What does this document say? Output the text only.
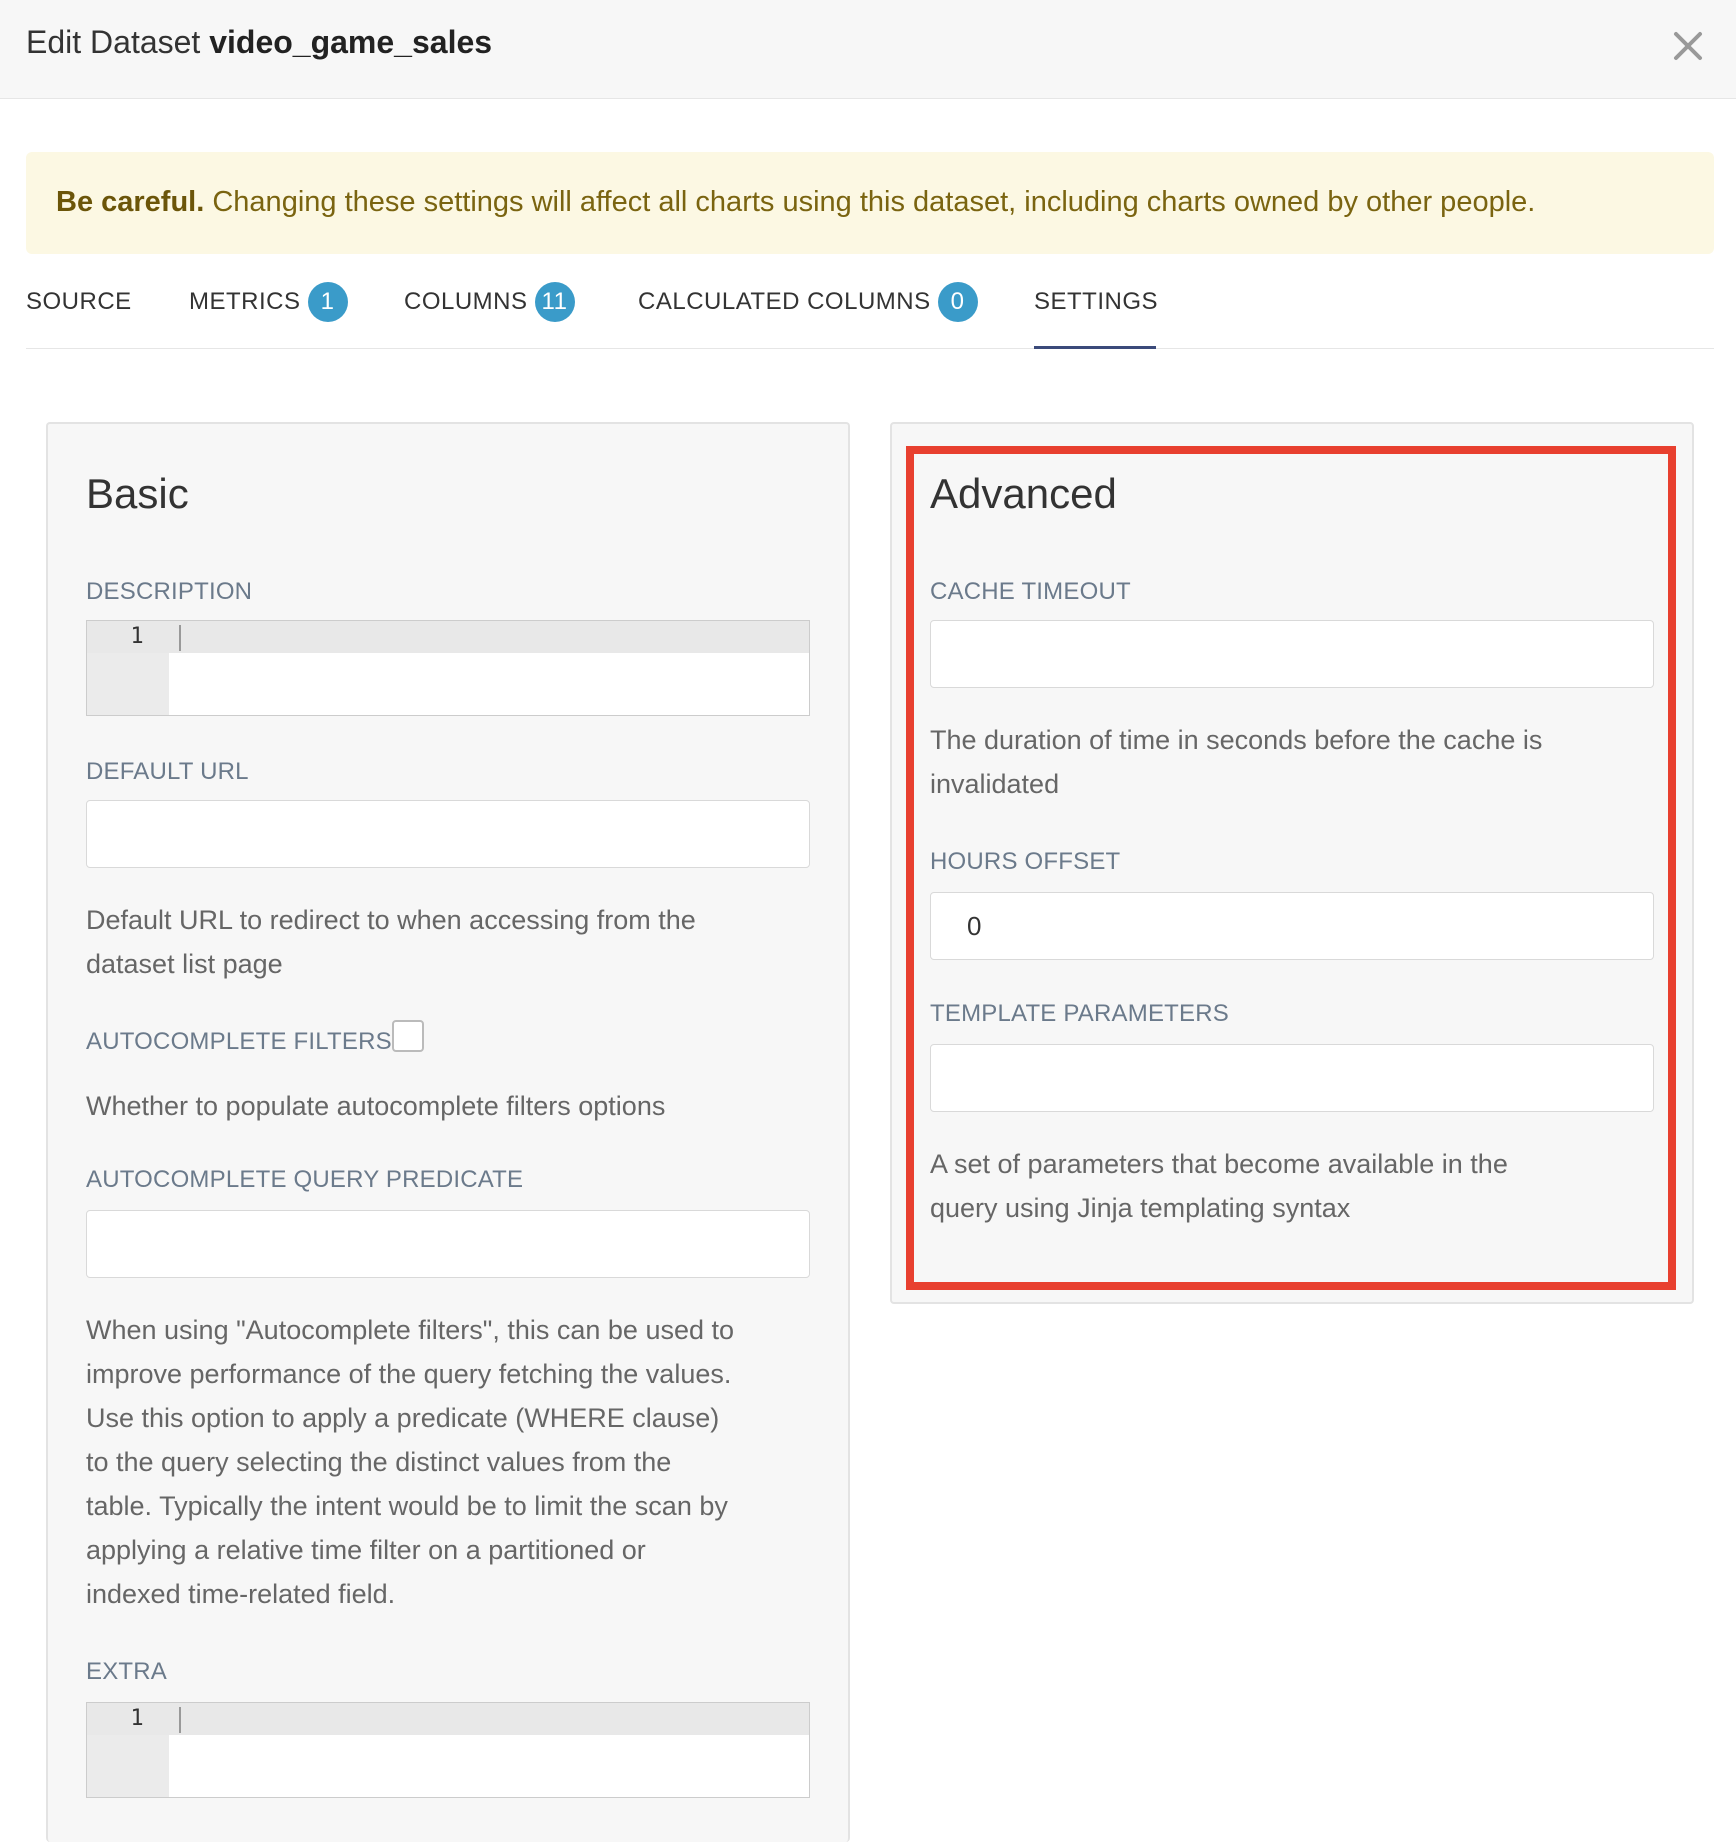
Edit Dataset video_game_sales
Be careful. Changing these settings will affect all charts using this dataset, including charts owned by other people.
SOURCE METRICS 1	COLUMNS 11	CALCULATED COLUMNS 0	SETTINGS
Basic
DESCRIPTION
1
DEFAULT URL
Default URL to redirect to when accessing from the
dataset list page
AUTOCOMPLETE FILTERS
Whether to populate autocomplete filters options
AUTOCOMPLETE QUERY PREDICATE
When using "Autocomplete filters", this can be used to
improve performance of the query fetching the values.
Use this option to apply a predicate (WHERE clause)
to the query selecting the distinct values from the
table. Typically the intent would be to limit the scan by
applying a relative time filter on a partitioned or
indexed time-related field.
EXTRA
1
Advanced
CACHE TIMEOUT
The duration of time in seconds before the cache is
invalidated
HOURS OFFSET
0
TEMPLATE PARAMETERS
A set of parameters that become available in the
query using Jinja templating syntax
